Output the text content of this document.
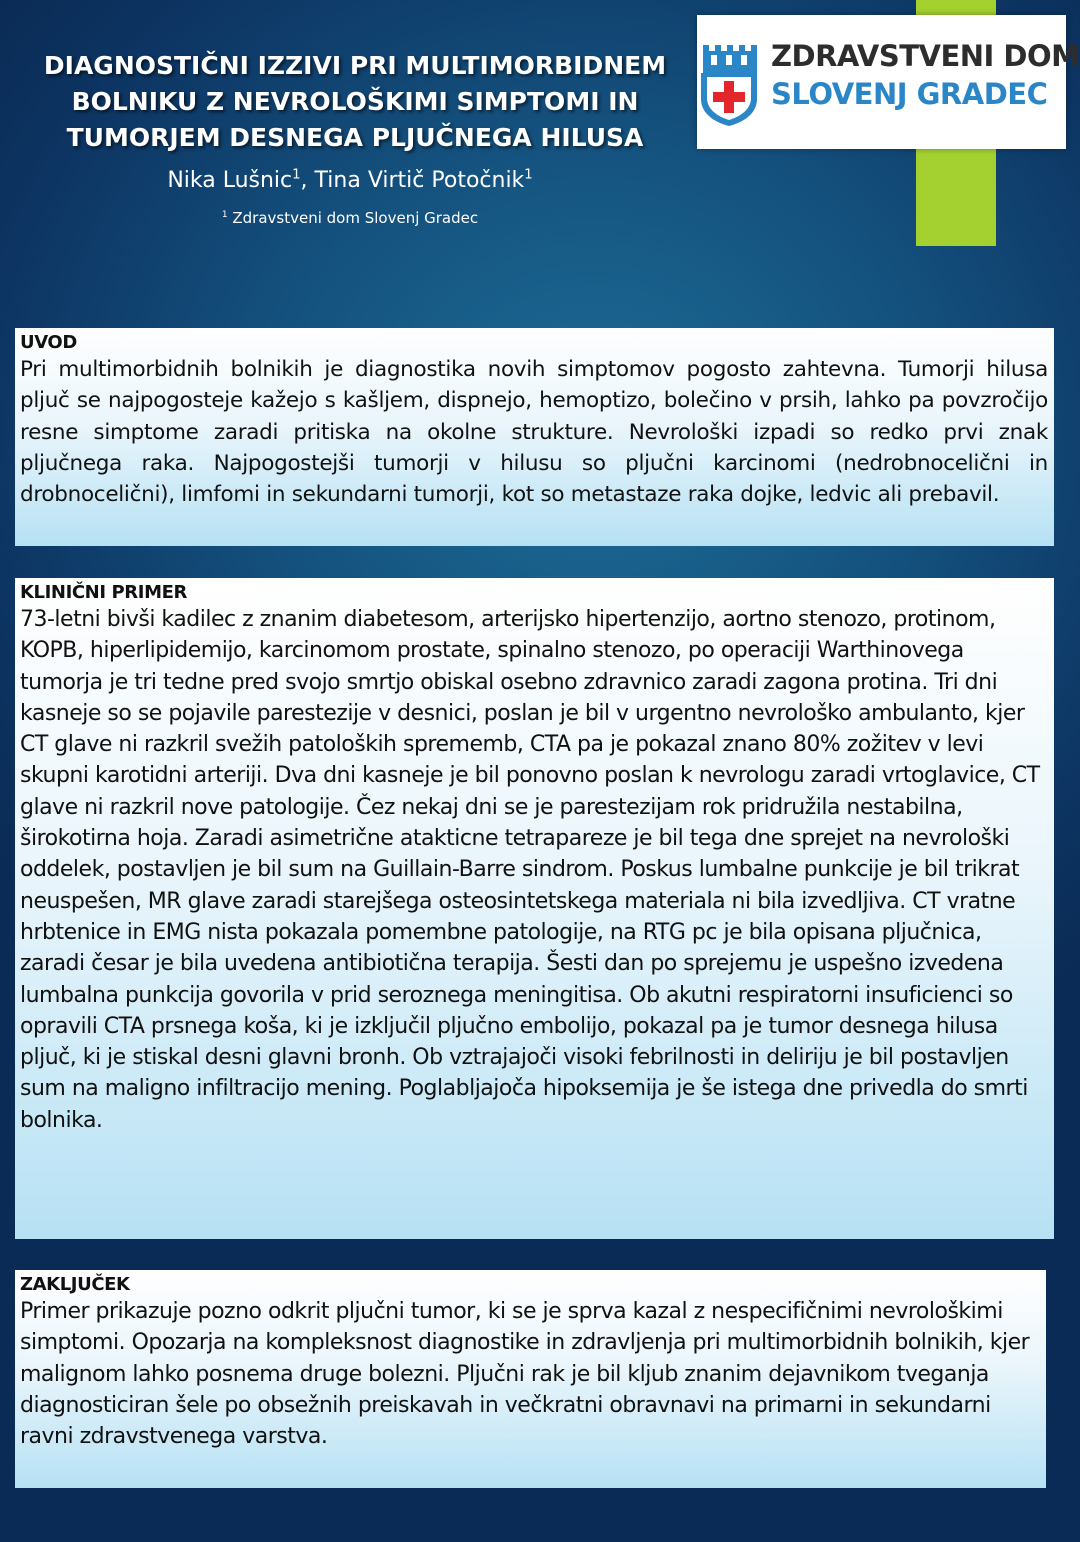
ZDRAVSTVENI DOM
SLOVENJ GRADEC
DIAGNOSTIČNI IZZIVI PRI MULTIMORBIDNEM BOLNIKU Z NEVROLOŠKIMI SIMPTOMI IN TUMORJEM DESNEGA PLJUČNEGA HILUSA
Nika Lušnic$^1$, Tina Virtič Potočnik$^1$
$^1$ Zdravstveni dom Slovenj Gradec
UVOD

Pri multimorbidnih bolnikih je diagnostika novih simptomov pogosto zahtevna. Tumorji hilusa pljuč se najpogosteje kažejo s kašljem, dispnejo, hemoptizo, bolečino v prsih, lahko pa povzročijo resne simptome zaradi pritiska na okolne strukture. Nevrološki izpadi so redko prvi znak pljučnega raka. Najpogostejši tumorji v hilusu so pljučni karcinomi (nedrobnocelični in drobnocelični), limfomi in sekundarni tumorji, kot so metastaze raka dojke, ledvic ali prebavil.

KLINIČNI PRIMER

73-letni bivši kadilec z znanim diabetesom, arterijsko hipertenzijo, aortno stenozo, protinom, KOPB, hiperlipidemijo, karcinomom prostate, spinalno stenozo, po operaciji Warthinovega tumorja je tri tedne pred svojo smrtjo obiskal osebno zdravnico zaradi zagona protina. Tri dni kasneje so se pojavile parestezije v desnici, poslan je bil v urgentno nevrološko ambulanto, kjer CT glave ni razkril svežih patoloških sprememb, CTA pa je pokazal znano 80% zožitev v levi skupni karotidni arteriji. Dva dni kasneje je bil ponovno poslan k nevrologu zaradi vrtoglavice, CT glave ni razkril nove patologije. Čez nekaj dni se je parestezijam rok pridružila nestabilna, širokotirna hoja. Zaradi asimetrične atakticne tetrapareze je bil tega dne sprejet na nevrološki oddelek, postavljen je bil sum na Guillain-Barre sindrom. Poskus lumbalne punkcije je bil trikrat neuspešen, MR glave zaradi starejšega osteosintetskega materiala ni bila izvedljiva. CT vratne hrbtenice in EMG nista pokazala pomembne patologije, na RTG pc je bila opisana pljučnica, zaradi česar je bila uvedena antibiotična terapija. Šesti dan po sprejemu je uspešno izvedena lumbalna punkcija govorila v prid seroznega meningitisa. Ob akutni respiratorni insuficienci so opravili CTA prsnega koša, ki je izključil pljučno embolijo, pokazal pa je tumor desnega hilusa pljuč, ki je stiskal desni glavni bronh. Ob vztrajajoči visoki febrilnosti in deliriju je bil postavljen sum na maligno infiltracijo mening. Poglabljajoča hipoksemija je še istega dne privedla do smrti bolnika.

ZAKLJUČEK

Primer prikazuje pozno odkrit pljučni tumor, ki se je sprva kazal z nespecifičnimi nevrološkimi simptomi. Opozarja na kompleksnost diagnostike in zdravljenja pri multimorbidnih bolnikih, kjer malignom lahko posnema druge bolezni. Pljučni rak je bil kljub znanim dejavnikom tveganja diagnosticiran šele po obsežnih preiskavah in večkratni obravnavi na primarni in sekundarni ravni zdravstvenega varstva.
